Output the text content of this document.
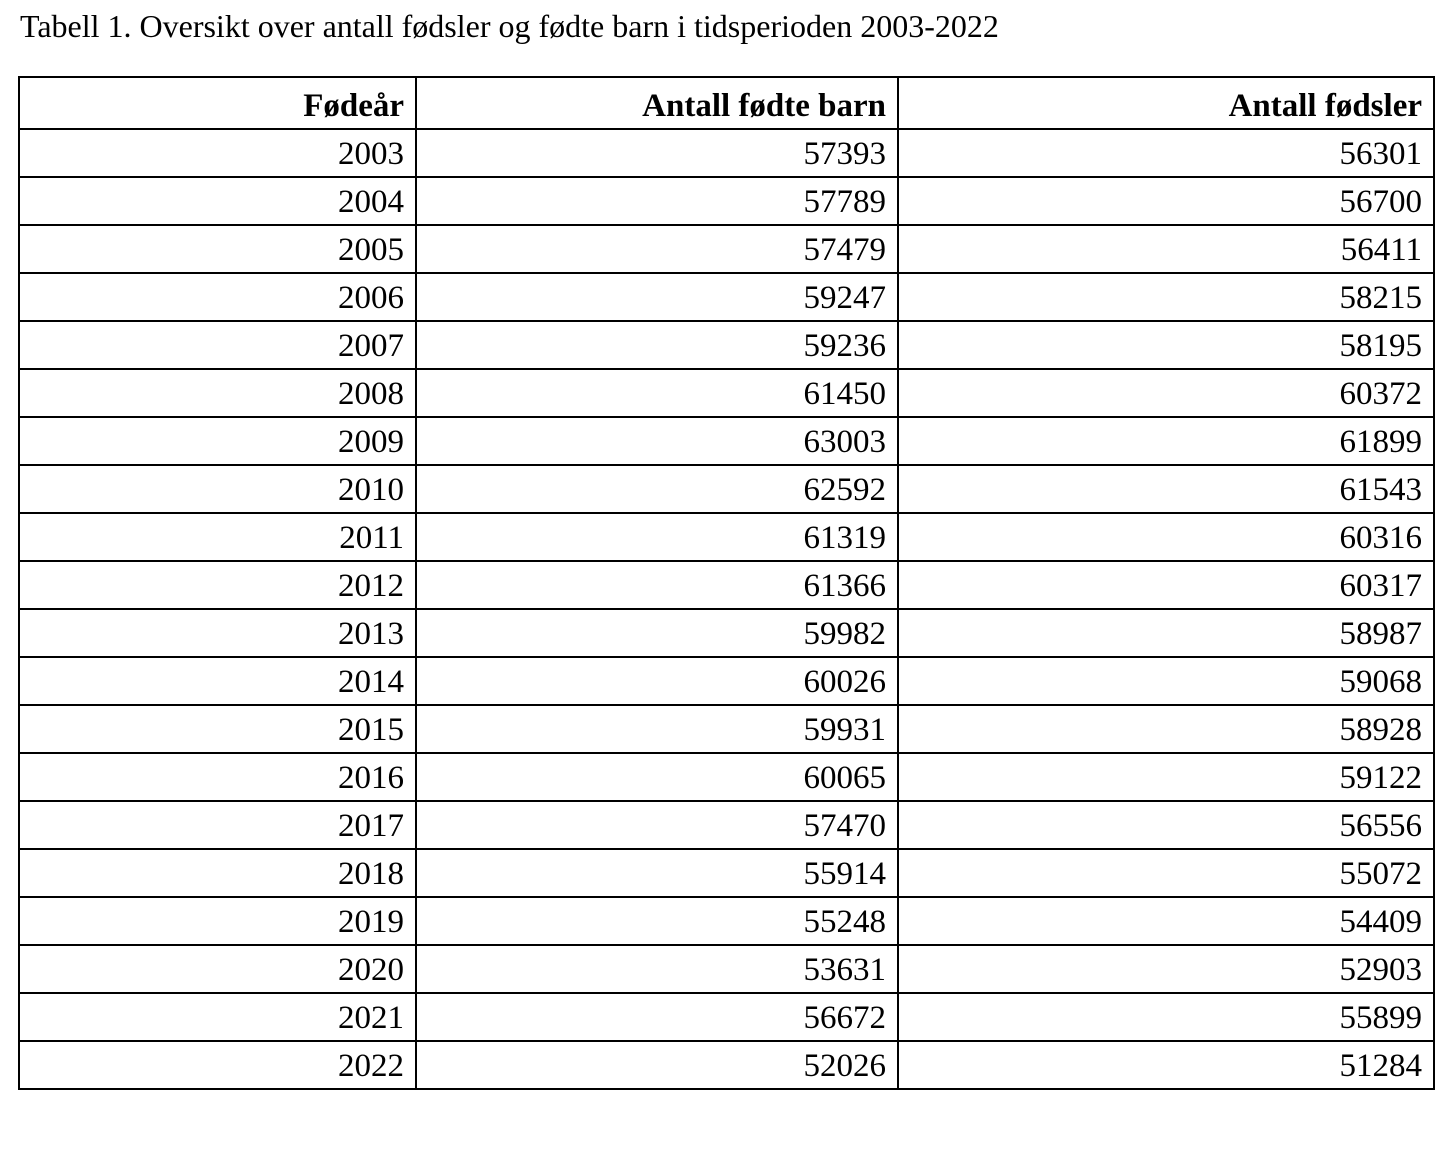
Tabell 1. Oversikt over antall fødsler og fødte barn i tidsperioden 2003-2022
Fødeår	Antall fødte barn	Antall fødsler
2003	57393	56301
2004	57789	56700
2005	57479	56411
2006	59247	58215
2007	59236	58195
2008	61450	60372
2009	63003	61899
2010	62592	61543
2011	61319	60316
2012	61366	60317
2013	59982	58987
2014	60026	59068
2015	59931	58928
2016	60065	59122
2017	57470	56556
2018	55914	55072
2019	55248	54409
2020	53631	52903
2021	56672	55899
2022	52026	51284
